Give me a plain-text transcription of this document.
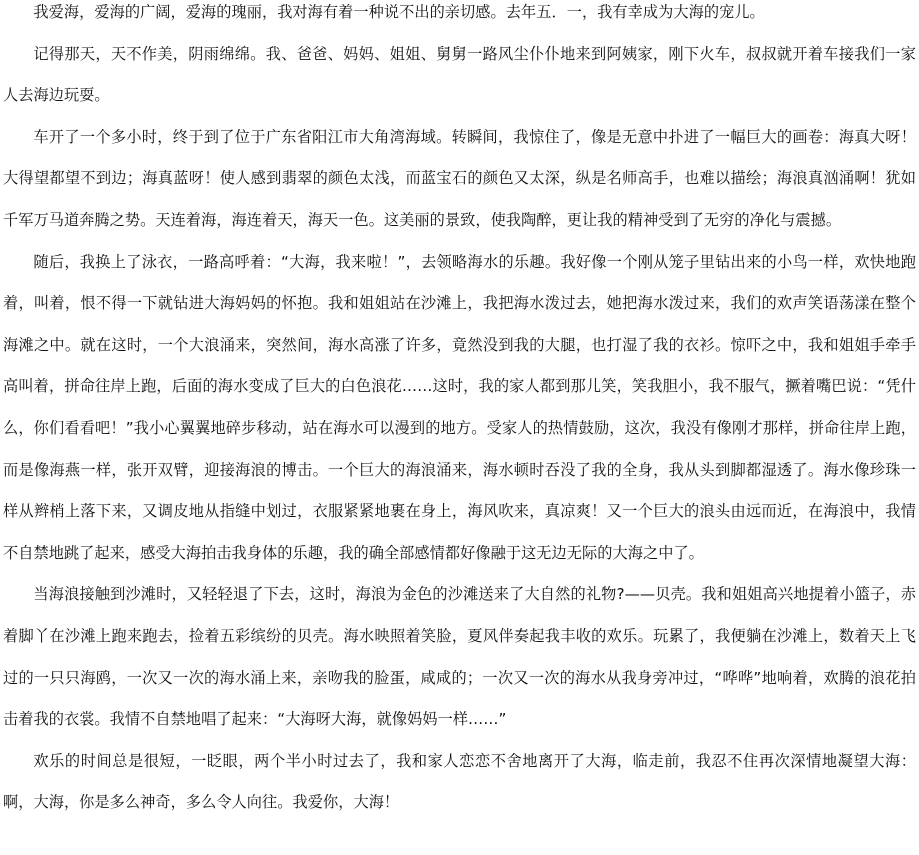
我爱海，爱海的广阔，爱海的瑰丽，我对海有着一种说不出的亲切感。去年五．一，我有幸成为大海的宠儿。

记得那天，天不作美，阴雨绵绵。我、爸爸、妈妈、姐姐、舅舅一路风尘仆仆地来到阿姨家，刚下火车，叔叔就开着车接我们一家人去海边玩耍。

车开了一个多小时，终于到了位于广东省阳江市大角湾海域。转瞬间，我惊住了，像是无意中扑进了一幅巨大的画卷：海真大呀！大得望都望不到边；海真蓝呀！使人感到翡翠的颜色太浅，而蓝宝石的颜色又太深，纵是名师高手，也难以描绘；海浪真汹涌啊！犹如千军万马道奔腾之势。天连着海，海连着天，海天一色。这美丽的景致，使我陶醉，更让我的精神受到了无穷的净化与震撼。

随后，我换上了泳衣，一路高呼着：“大海，我来啦！”，去领略海水的乐趣。我好像一个刚从笼子里钻出来的小鸟一样，欢快地跑着，叫着，恨不得一下就钻进大海妈妈的怀抱。我和姐姐站在沙滩上，我把海水泼过去，她把海水泼过来，我们的欢声笑语荡漾在整个海滩之中。就在这时，一个大浪涌来，突然间，海水高涨了许多，竟然没到我的大腿，也打湿了我的衣衫。惊吓之中，我和姐姐手牵手高叫着，拼命往岸上跑，后面的海水变成了巨大的白色浪花……这时，我的家人都到那儿笑，笑我胆小，我不服气，撅着嘴巴说：“凭什么，你们看看吧！”我小心翼翼地碎步移动，站在海水可以漫到的地方。受家人的热情鼓励，这次，我没有像刚才那样，拼命往岸上跑，而是像海燕一样，张开双臂，迎接海浪的博击。一个巨大的海浪涌来，海水顿时吞没了我的全身，我从头到脚都湿透了。海水像珍珠一样从辫梢上落下来，又调皮地从指缝中划过，衣服紧紧地裹在身上，海风吹来，真凉爽！又一个巨大的浪头由远而近，在海浪中，我情不自禁地跳了起来，感受大海拍击我身体的乐趣，我的确全部感情都好像融于这无边无际的大海之中了。

当海浪接触到沙滩时，又轻轻退了下去，这时，海浪为金色的沙滩送来了大自然的礼物?——贝壳。我和姐姐高兴地提着小篮子，赤着脚丫在沙滩上跑来跑去，捡着五彩缤纷的贝壳。海水映照着笑脸，夏风伴奏起我丰收的欢乐。玩累了，我便躺在沙滩上，数着天上飞过的一只只海鸥，一次又一次的海水涌上来，亲吻我的脸蛋，咸咸的；一次又一次的海水从我身旁冲过，“哗哗”地响着，欢腾的浪花拍击着我的衣裳。我情不自禁地唱了起来：“大海呀大海，就像妈妈一样……”

欢乐的时间总是很短，一眨眼，两个半小时过去了，我和家人恋恋不舍地离开了大海，临走前，我忍不住再次深情地凝望大海：啊，大海，你是多么神奇，多么令人向往。我爱你，大海！
